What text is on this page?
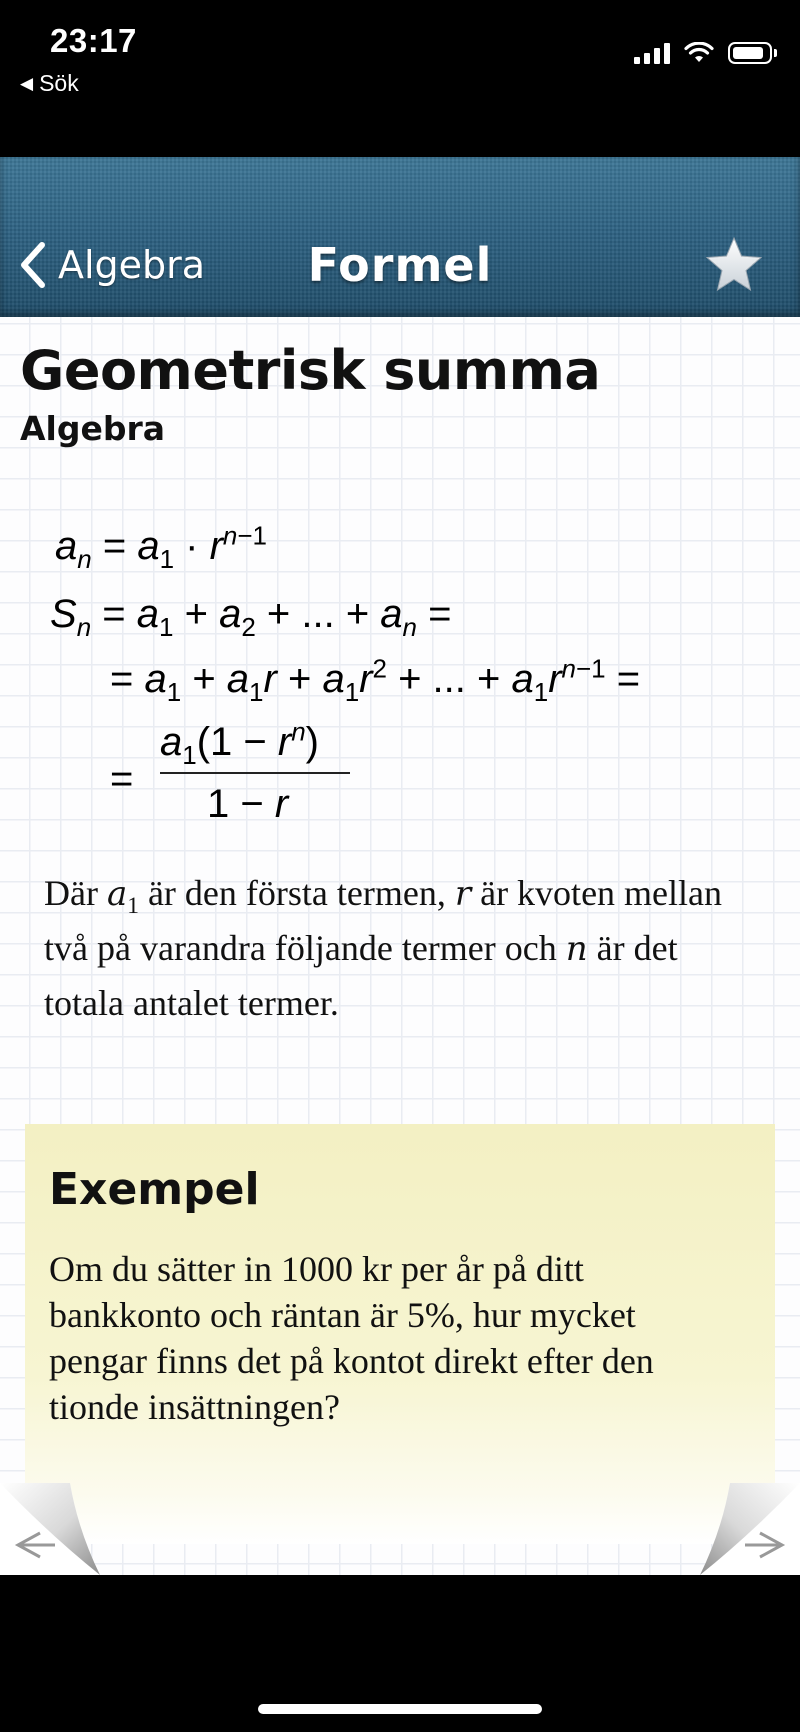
23:17
◀ Sök
Algebra	Formel
Geometrisk summa
Algebra
$a_n = a_1 \cdot r^{n-1}$
$S_n = a_1 + a_2$ + ... + $a_n$ =
= $a_1 + a_1r + a_1r^2$ + ... + $a_1r^{n-1}$ =
=
$a_1(1 - r^n)$
1 − r
Där $a_1$ är den första termen, r är kvoten mellan två på varandra följande termer och n är det totala antalet termer.
Exempel
Om du sätter in 1000 kr per år på ditt bankkonto och räntan är 5%, hur mycket pengar finns det på kontot direkt efter den tionde insättningen?
